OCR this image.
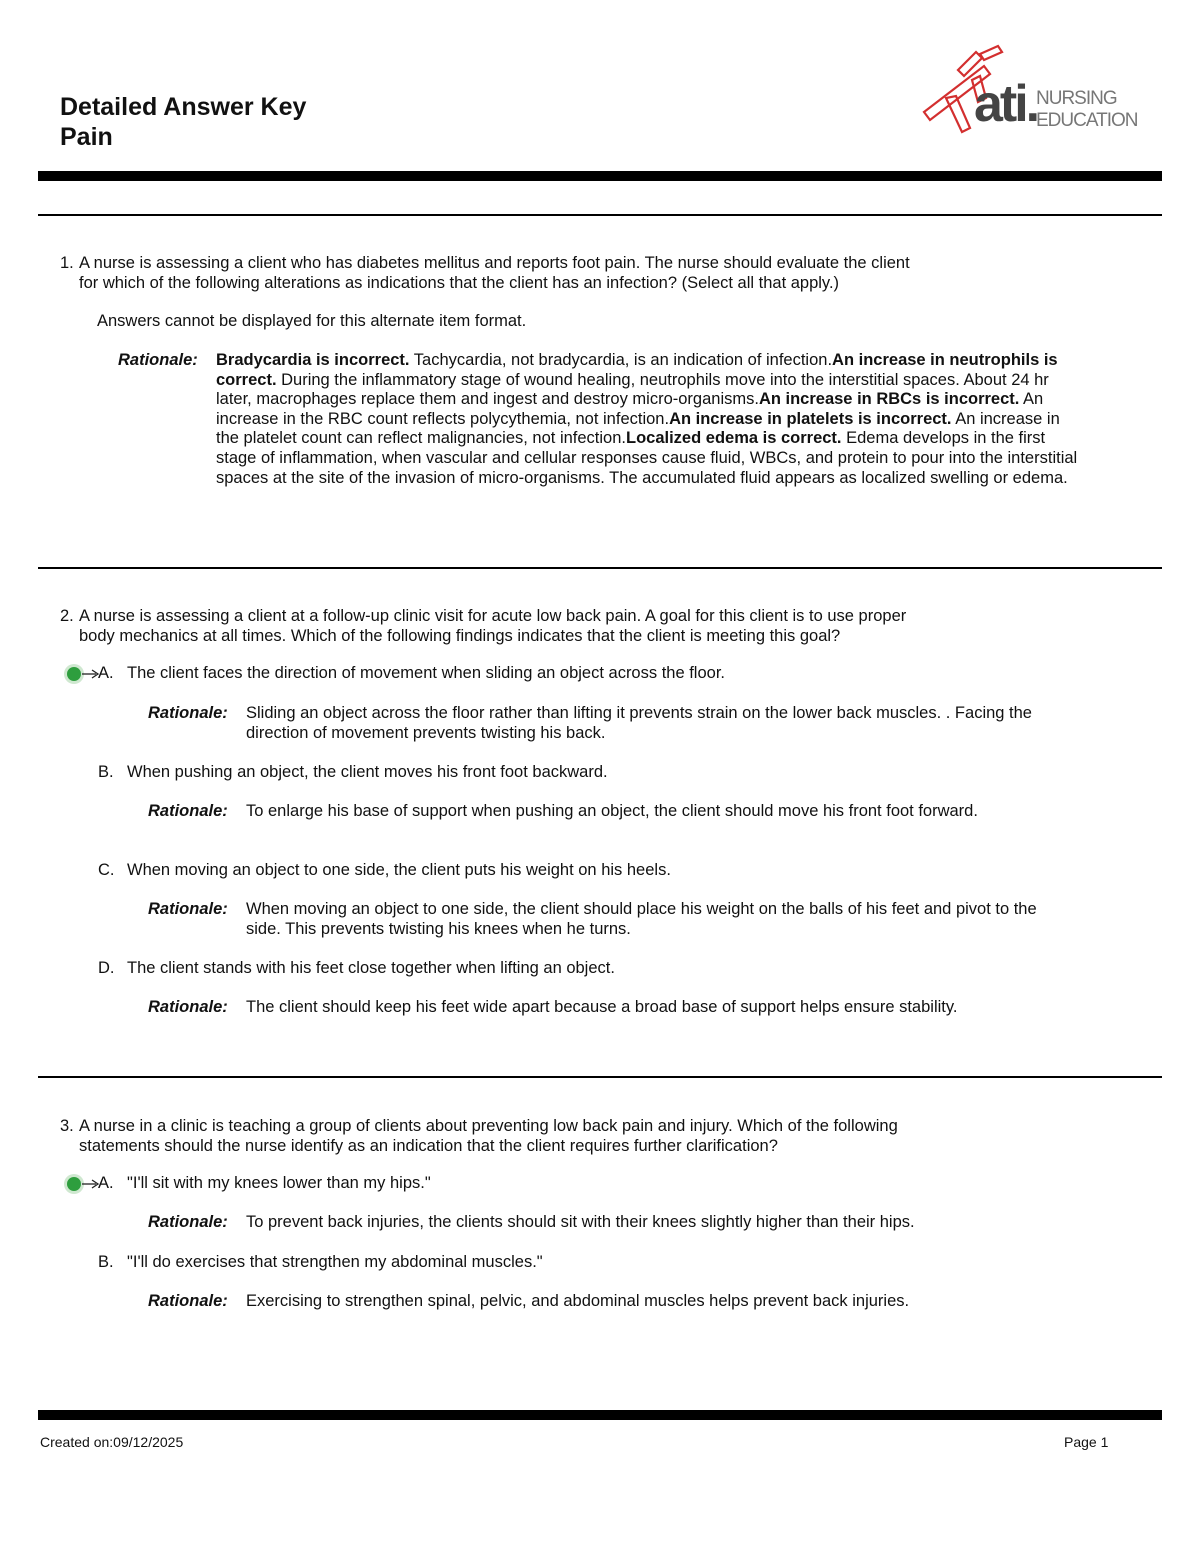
Detailed Answer Key
Pain
ati.
NURSING
EDUCATION
1. A nurse is assessing a client who has diabetes mellitus and reports foot pain. The nurse should evaluate the client
for which of the following alterations as indications that the client has an infection? (Select all that apply.)
Answers cannot be displayed for this alternate item format.
Rationale: Bradycardia is incorrect. Tachycardia, not bradycardia, is an indication of infection.An increase in neutrophils is correct. During the inflammatory stage of wound healing, neutrophils move into the interstitial spaces. About 24 hr later, macrophages replace them and ingest and destroy micro-organisms.An increase in RBCs is incorrect. An increase in the RBC count reflects polycythemia, not infection.An increase in platelets is incorrect. An increase in the platelet count can reflect malignancies, not infection.Localized edema is correct. Edema develops in the first stage of inflammation, when vascular and cellular responses cause fluid, WBCs, and protein to pour into the interstitial spaces at the site of the invasion of micro-organisms. The accumulated fluid appears as localized swelling or edema.
2. A nurse is assessing a client at a follow-up clinic visit for acute low back pain. A goal for this client is to use proper
body mechanics at all times. Which of the following findings indicates that the client is meeting this goal?
A. The client faces the direction of movement when sliding an object across the floor.
Rationale: Sliding an object across the floor rather than lifting it prevents strain on the lower back muscles. . Facing the direction of movement prevents twisting his back.
B. When pushing an object, the client moves his front foot backward.
Rationale: To enlarge his base of support when pushing an object, the client should move his front foot forward.
C. When moving an object to one side, the client puts his weight on his heels.
Rationale: When moving an object to one side, the client should place his weight on the balls of his feet and pivot to the side. This prevents twisting his knees when he turns.
D. The client stands with his feet close together when lifting an object.
Rationale: The client should keep his feet wide apart because a broad base of support helps ensure stability.
3. A nurse in a clinic is teaching a group of clients about preventing low back pain and injury. Which of the following
statements should the nurse identify as an indication that the client requires further clarification?
A. "I'll sit with my knees lower than my hips."
Rationale: To prevent back injuries, the clients should sit with their knees slightly higher than their hips.
B. "I'll do exercises that strengthen my abdominal muscles."
Rationale: Exercising to strengthen spinal, pelvic, and abdominal muscles helps prevent back injuries.
Created on:09/12/2025	Page 1
